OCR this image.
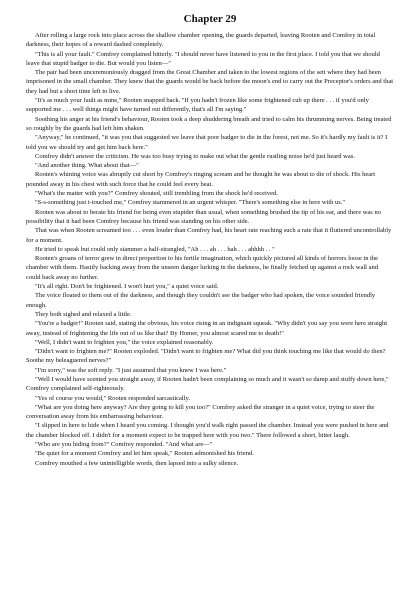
Chapter 29

After rolling a large rock into place across the shallow chamber opening, the guards departed, leaving Rooten and Comfrey in total darkness, their hopes of a reward dashed completely.

"This is all your fault." Comfrey complained bitterly. "I should never have listened to you in the first place. I told you that we should leave that stupid badger to die. But would you listen—"

The pair had been unceremoniously dragged from the Great Chamber and taken to the lowest regions of the sett where they had been imprisoned in the small chamber. They knew that the guards would be back before the moon's end to carry out the Preceptor's orders and that they had but a short time left to live.

"It's as much your fault as mine," Rooten snapped back. "If you hadn't frozen like some frightened cub up there . . . if you'd only supported me . . . well things might have turned out differently, that's all I'm saying."

Soothing his anger at his friend's behaviour, Rooten took a deep shuddering breath and tried to calm his thrumming nerves. Being treated so roughly by the guards had left him shaken.

"Anyway," he continued, "it was you that suggested we leave that poor badger to die in the forest, not me. So it's hardly my fault is it? I told you we should try and get him back here."

Comfrey didn't answer the criticism. He was too busy trying to make out what the gentle rustling noise he'd just heard was.

"And another thing. What about that—"

Rooten's whining voice was abruptly cut short by Comfrey's ringing scream and he thought he was about to die of shock. His heart pounded away in his chest with such force that he could feel every beat.

"What's the matter with you?" Comfrey shouted, still trembling from the shock he'd received.

"S-s-something just t-touched me," Comfrey stammered in an urgent whisper. "There's something else in here with us."

Rooten was about to berate his friend for being even stupider than usual, when something brushed the tip of his ear, and there was no possibility that it had been Comfrey because his friend was standing on his other side.

That was when Rooten screamed too . . . even louder than Comfrey had, his heart rate reaching such a rate that it fluttered uncontrollably for a moment.

He tried to speak but could only stammer a half-strangled, "Ah . . . ah . . . hah . . . ahhhh . . "

Rooten's groans of terror grew in direct proportion to his fertile imagination, which quickly pictured all kinds of horrors loose in the chamber with them. Hastily backing away from the unseen danger lurking in the darkness, he finally fetched up against a rock wall and could back away no further.

"It's all right. Don't be frightened. I won't hurt you," a quiet voice said.

The voice floated to them out of the darkness, and though they couldn't see the badger who had spoken, the voice sounded friendly enough.

They both sighed and relaxed a little.

"You're a badger!" Rooten said, stating the obvious, his voice rising in an indignant squeak. "Why didn't you say you were here straight away, instead of frightening the life out of us like that? By Homer, you almost scared me to death!"

"Well, I didn't want to frighten you," the voice explained reasonably.

"Didn't want to frighten me?" Rooten exploded. "Didn't want to frighten me? What did you think touching me like that would do then? Soothe my beleaguered nerves?"

"I'm sorry," was the soft reply. "I just assumed that you knew I was here."

"Well I would have scented you straight away, if Rooten hadn't been complaining so much and it wasn't so damp and stuffy down here," Comfrey complained self-righteously.

"Yes of course you would," Rooten responded sarcastically.

"What are you doing here anyway? Are they going to kill you too?" Comfrey asked the stranger in a quiet voice, trying to steer the conversation away from his embarrassing behaviour.

"I slipped in here to hide when I heard you coming. I thought you'd walk right passed the chamber. Instead you were pushed in here and the chamber blocked off. I didn't for a moment expect to be trapped here with you two." There followed a short, bitter laugh.

"Who are you hiding from?" Comfrey responded. "And what are—"

"Be quiet for a moment Comfrey and let him speak," Rooten admonished his friend.

Comfrey mouthed a few unintelligible words, then lapsed into a sulky silence.
